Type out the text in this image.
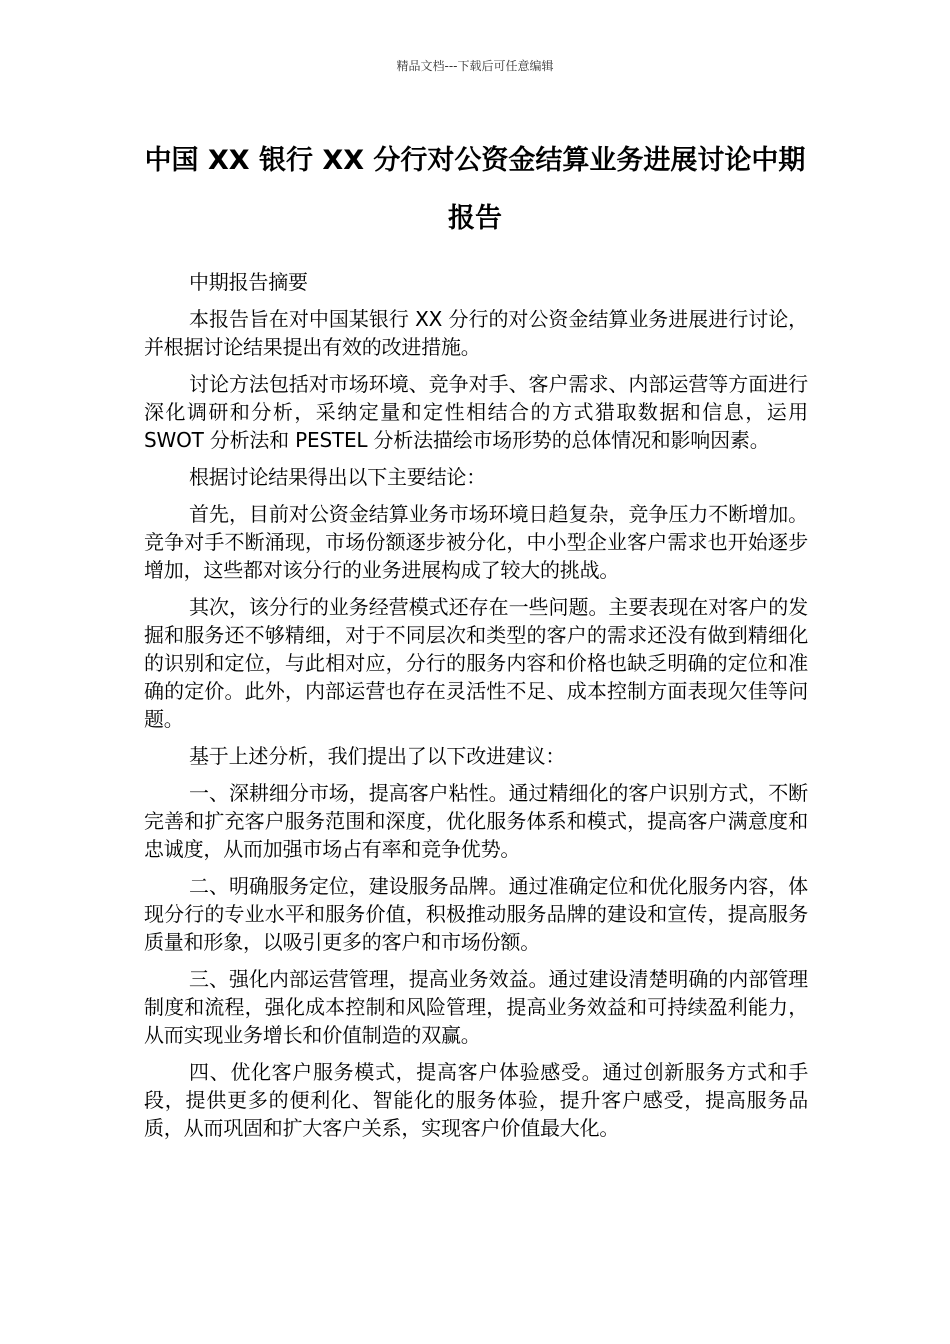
精品文档---下载后可任意编辑
中国 XX 银行 XX 分行对公资金结算业务进展讨论中期报告

中期报告摘要

本报告旨在对中国某银行 XX 分行的对公资金结算业务进展进行讨论，并根据讨论结果提出有效的改进措施。

讨论方法包括对市场环境、竞争对手、客户需求、内部运营等方面进行深化调研和分析，采纳定量和定性相结合的方式猎取数据和信息，运用 SWOT 分析法和 PESTEL 分析法描绘市场形势的总体情况和影响因素。

根据讨论结果得出以下主要结论：

首先，目前对公资金结算业务市场环境日趋复杂，竞争压力不断增加。竞争对手不断涌现，市场份额逐步被分化，中小型企业客户需求也开始逐步增加，这些都对该分行的业务进展构成了较大的挑战。

其次，该分行的业务经营模式还存在一些问题。主要表现在对客户的发掘和服务还不够精细，对于不同层次和类型的客户的需求还没有做到精细化的识别和定位，与此相对应，分行的服务内容和价格也缺乏明确的定位和准确的定价。此外，内部运营也存在灵活性不足、成本控制方面表现欠佳等问题。

基于上述分析，我们提出了以下改进建议：

一、深耕细分市场，提高客户粘性。通过精细化的客户识别方式，不断完善和扩充客户服务范围和深度，优化服务体系和模式，提高客户满意度和忠诚度，从而加强市场占有率和竞争优势。

二、明确服务定位，建设服务品牌。通过准确定位和优化服务内容，体现分行的专业水平和服务价值，积极推动服务品牌的建设和宣传，提高服务质量和形象，以吸引更多的客户和市场份额。

三、强化内部运营管理，提高业务效益。通过建设清楚明确的内部管理制度和流程，强化成本控制和风险管理，提高业务效益和可持续盈利能力，从而实现业务增长和价值制造的双赢。

四、优化客户服务模式，提高客户体验感受。通过创新服务方式和手段，提供更多的便利化、智能化的服务体验，提升客户感受，提高服务品质，从而巩固和扩大客户关系，实现客户价值最大化。
